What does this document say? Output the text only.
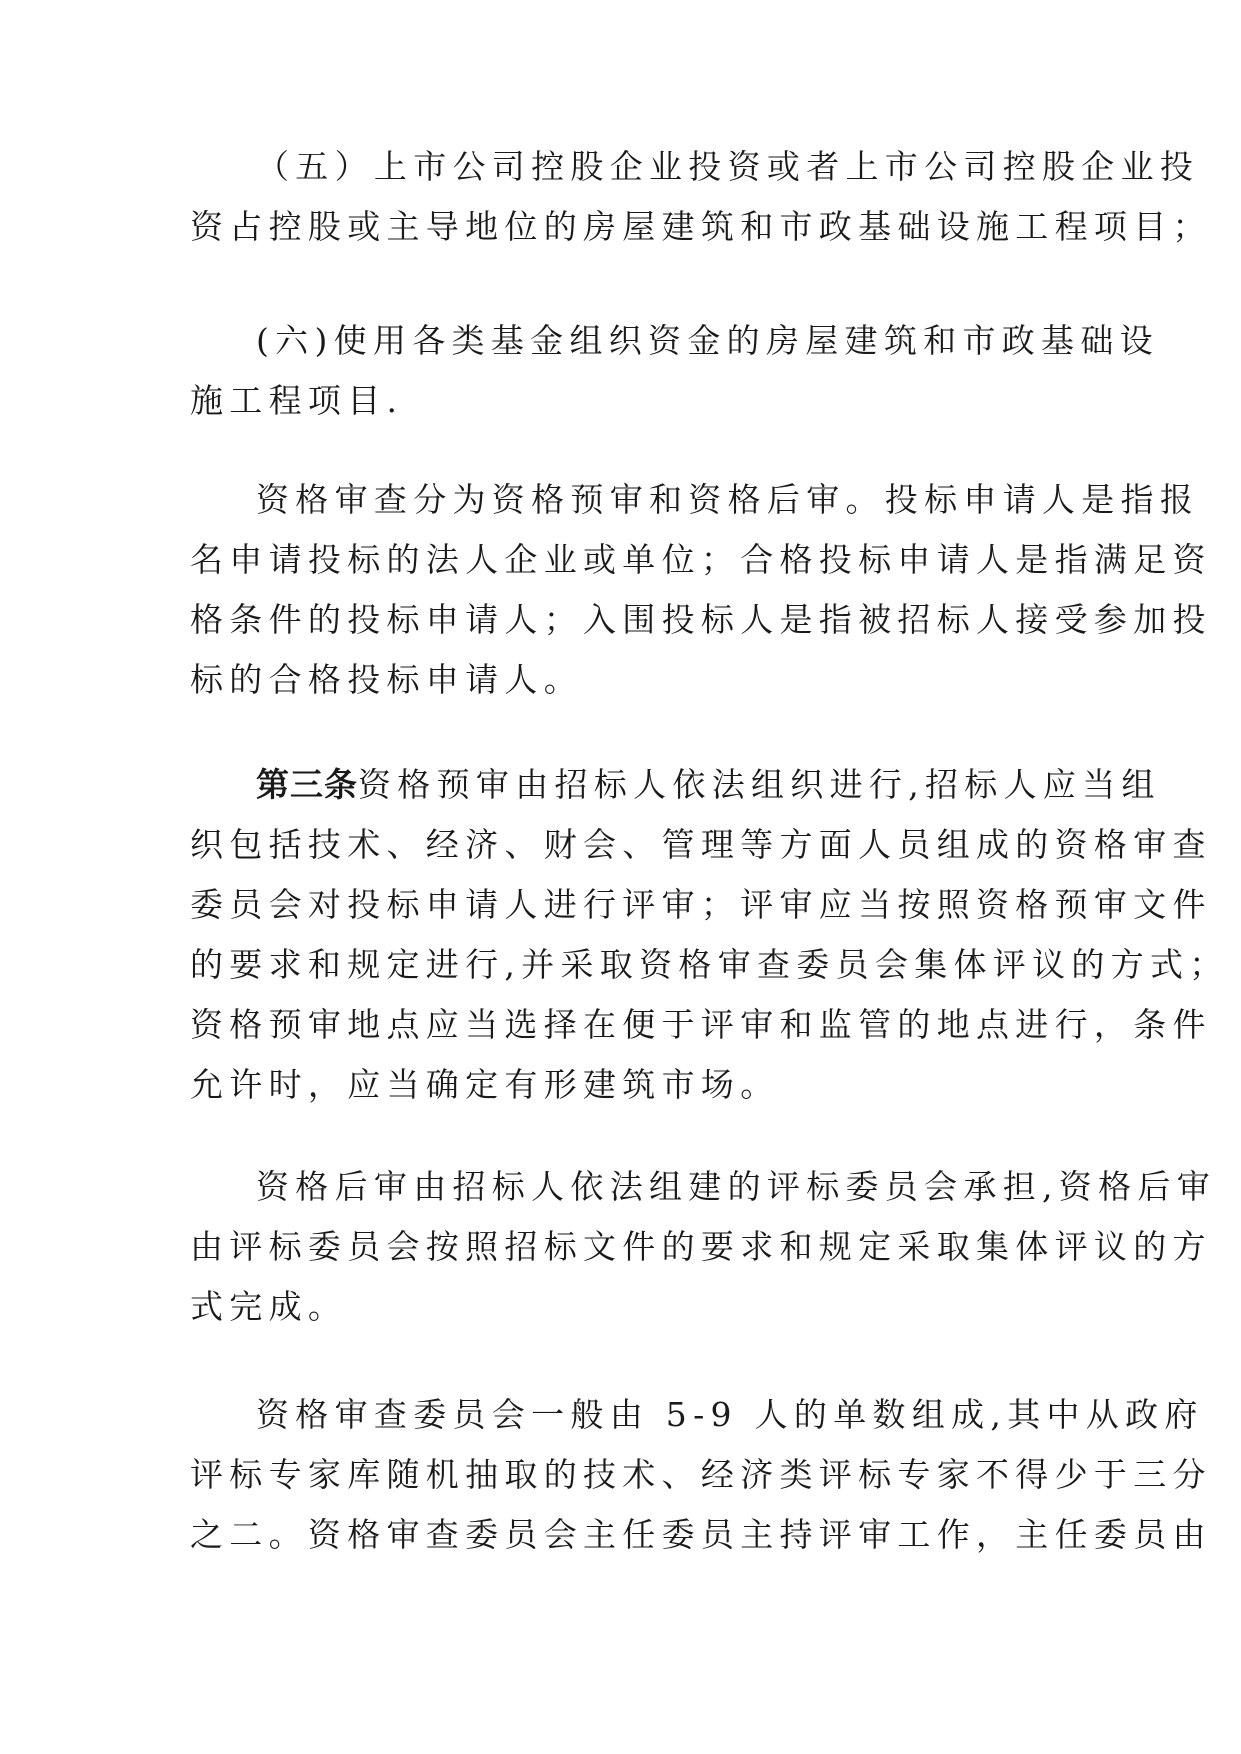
（五）上市公司控股企业投资或者上市公司控股企业投
资占控股或主导地位的房屋建筑和市政基础设施工程项目；
(六)使用各类基金组织资金的房屋建筑和市政基础设
施工程项目.
资格审查分为资格预审和资格后审。投标申请人是指报
名申请投标的法人企业或单位；合格投标申请人是指满足资
格条件的投标申请人；入围投标人是指被招标人接受参加投
标的合格投标申请人。
第三条资格预审由招标人依法组织进行,招标人应当组
织包括技术、经济、财会、管理等方面人员组成的资格审查
委员会对投标申请人进行评审；评审应当按照资格预审文件
的要求和规定进行,并采取资格审查委员会集体评议的方式；
资格预审地点应当选择在便于评审和监管的地点进行，条件
允许时，应当确定有形建筑市场。
资格后审由招标人依法组建的评标委员会承担,资格后审
由评标委员会按照招标文件的要求和规定采取集体评议的方
式完成。
资格审查委员会一般由 5-9 人的单数组成,其中从政府
评标专家库随机抽取的技术、经济类评标专家不得少于三分
之二。资格审查委员会主任委员主持评审工作，主任委员由
